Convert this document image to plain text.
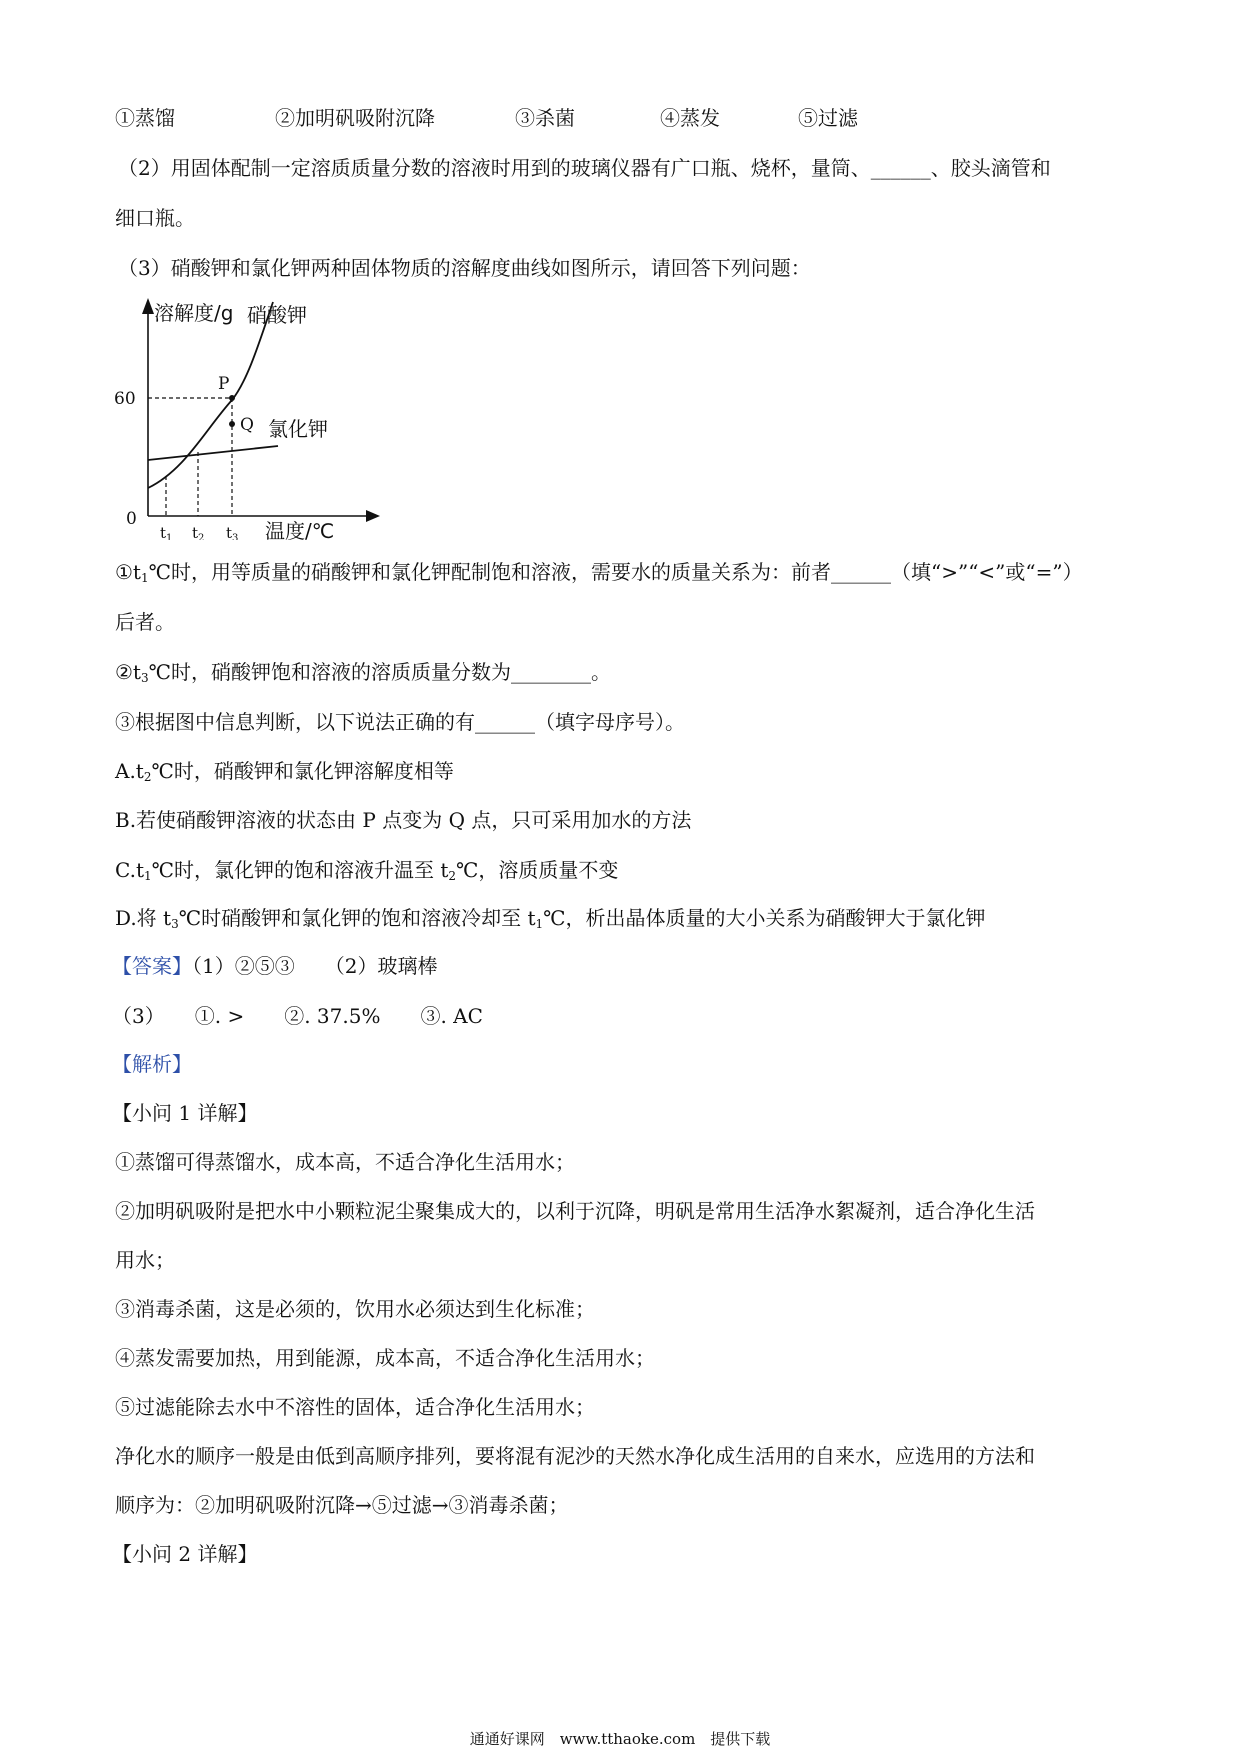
①蒸馏	②加明矾吸附沉降	③杀菌	④蒸发	⑤过滤
（2）用固体配制一定溶质质量分数的溶液时用到的玻璃仪器有广口瓶、烧杯，量筒、______、胶头滴管和
细口瓶。
（3）硝酸钾和氯化钾两种固体物质的溶解度曲线如图所示，请回答下列问题：
溶解度/g
温度/℃
0
60
$t_1$ $t_2$ $t_3$
硝酸钾
氯化钾
P
Q
$①t_1℃$时，用等质量的硝酸钾和氯化钾配制饱和溶液，需要水的质量关系为：前者______（填“>”“<”或“=”）
后者。
$②t_3℃$时，硝酸钾饱和溶液的溶质质量分数为________。
③根据图中信息判断，以下说法正确的有______（填字母序号）。
$A.t_2℃$时，硝酸钾和氯化钾溶解度相等
B.若使硝酸钾溶液的状态由 P 点变为 Q 点，只可采用加水的方法
$C.t_1℃$时，氯化钾的饱和溶液升温至 $t_2℃$，溶质质量不变
D.将 $t_3℃$时硝酸钾和氯化钾的饱和溶液冷却至 $t_1℃$，析出晶体质量的大小关系为硝酸钾大于氯化钾
【答案】（1）②⑤③　　（2）玻璃棒
（3）　　①. >　　②. 37.5%　　③. AC
【解析】
【小问 1 详解】
①蒸馏可得蒸馏水，成本高，不适合净化生活用水；
②加明矾吸附是把水中小颗粒泥尘聚集成大的，以利于沉降，明矾是常用生活净水絮凝剂，适合净化生活
用水；
③消毒杀菌，这是必须的，饮用水必须达到生化标准；
④蒸发需要加热，用到能源，成本高，不适合净化生活用水；
⑤过滤能除去水中不溶性的固体，适合净化生活用水；
净化水的顺序一般是由低到高顺序排列，要将混有泥沙的天然水净化成生活用的自来水，应选用的方法和
顺序为：②加明矾吸附沉降→⑤过滤→③消毒杀菌；
【小问 2 详解】
通通好课网　www.tthaoke.com　提供下载
